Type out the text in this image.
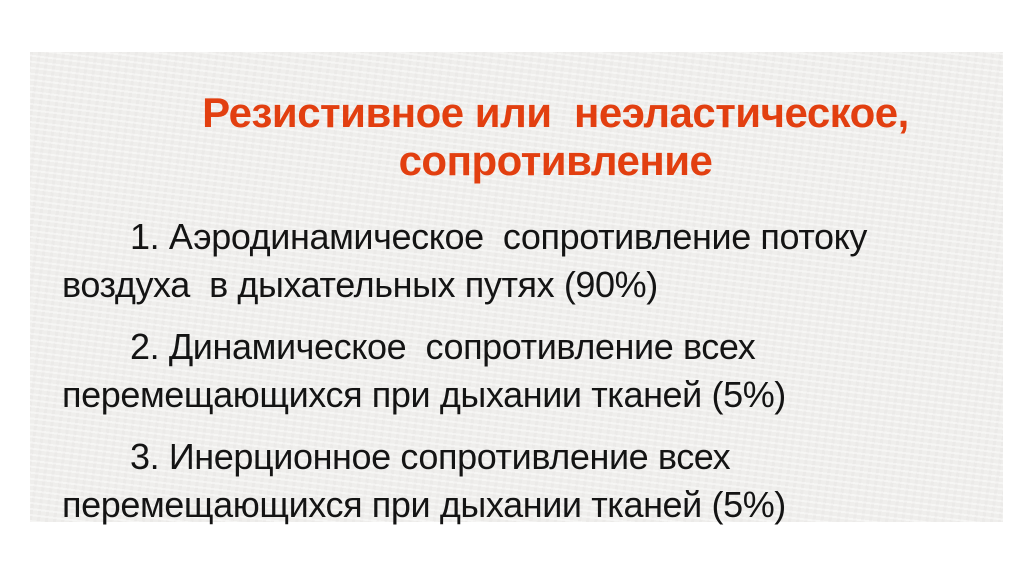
Резистивное или  неэластическое,
сопротивление

1. Аэродинамическое  сопротивление потоку
воздуха  в дыхательных путях (90%)

2. Динамическое  сопротивление всех
перемещающихся при дыхании тканей (5%)

3. Инерционное сопротивление всех
перемещающихся при дыхании тканей (5%)
